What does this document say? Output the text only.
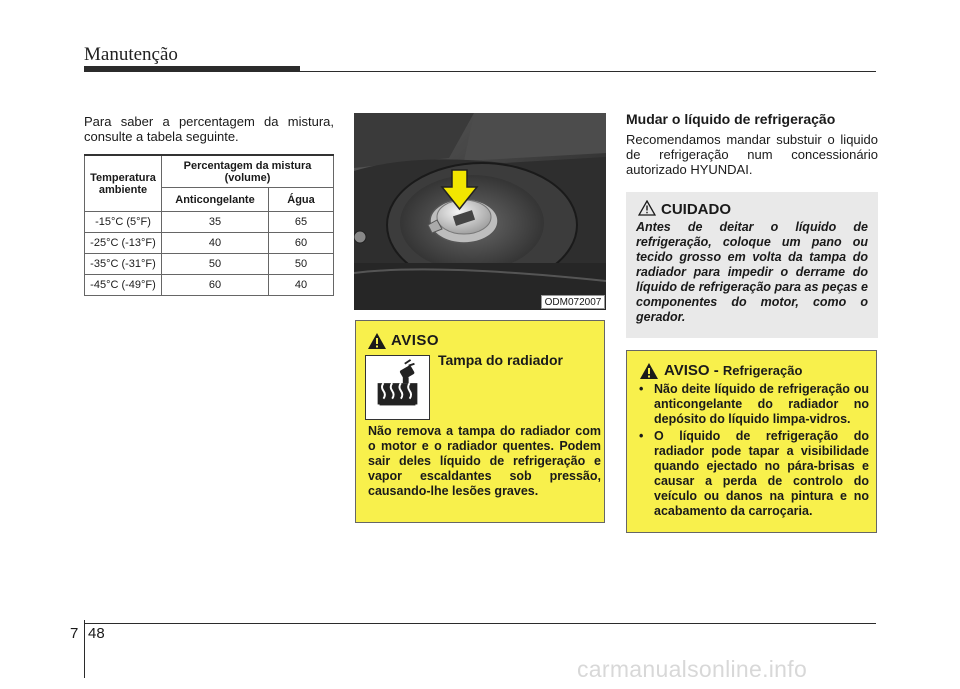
Manutenção
Para saber a percentagem da mistura, consulte a tabela seguinte.
Temperatura ambiente	Percentagem da mistura (volume)	
	Anticongelante	Água
-15°C (5°F)	35	65
-25°C (-13°F)	40	60
-35°C (-31°F)	50	50
-45°C (-49°F)	60	40
ODM072007
AVISO
Tampa do radiador
Não remova a tampa do radiador com o motor e o radiador quentes. Podem sair deles líquido de refrigeração e vapor escaldantes sob pressão, causando-lhe lesões graves.
Mudar o líquido de refrigeração
Recomendamos mandar substuir o liquido de refrigeração num concessionário autorizado HYUNDAI.
CUIDADO
Antes de deitar o líquido de refrigeração, coloque um pano ou tecido grosso em volta da tampa do radiador para impedir o derrame do líquido de refrigeração para as peças e componentes do motor, como o gerador.
AVISO - Refrigeração
• Não deite líquido de refrigeração ou anticongelante do radiador no depósito do líquido limpa-vidros.
• O líquido de refrigeração do radiador pode tapar a visibilidade quando ejectado no pára-brisas e causar a perda de controlo do veículo ou danos na pintura e no acabamento da carroçaria.
7 48
carmanualsonline.info
